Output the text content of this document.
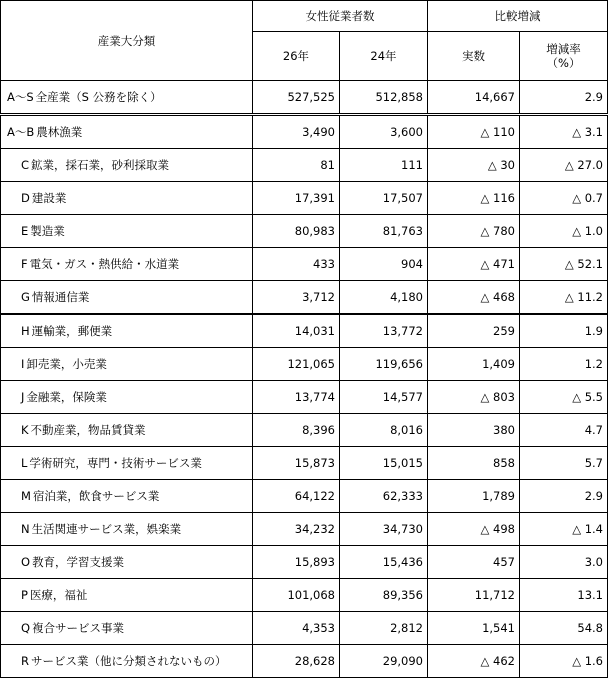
産業大分類	女性従業者数		比較増減	
	26年	24年	実数	増減率
（%）

A〜S 全産業（S 公務を除く）	527,525	512,858	14,667	2.9
A〜B 農林漁業	3,490	3,600	△ 110	△ 3.1
C 鉱業，採石業，砂利採取業	81	111	△ 30	△ 27.0
D 建設業	17,391	17,507	△ 116	△ 0.7
E 製造業	80,983	81,763	△ 780	△ 1.0
F 電気・ガス・熱供給・水道業	433	904	△ 471	△ 52.1
G 情報通信業	3,712	4,180	△ 468	△ 11.2
H 運輸業，郵便業	14,031	13,772	259	1.9
I 卸売業，小売業	121,065	119,656	1,409	1.2
J 金融業，保険業	13,774	14,577	△ 803	△ 5.5
K 不動産業，物品賃貸業	8,396	8,016	380	4.7
L 学術研究，専門・技術サービス業	15,873	15,015	858	5.7
M 宿泊業，飲食サービス業	64,122	62,333	1,789	2.9
N 生活関連サービス業，娯楽業	34,232	34,730	△ 498	△ 1.4
O 教育，学習支援業	15,893	15,436	457	3.0
P 医療，福祉	101,068	89,356	11,712	13.1
Q 複合サービス事業	4,353	2,812	1,541	54.8
R サービス業（他に分類されないもの）	28,628	29,090	△ 462	△ 1.6
